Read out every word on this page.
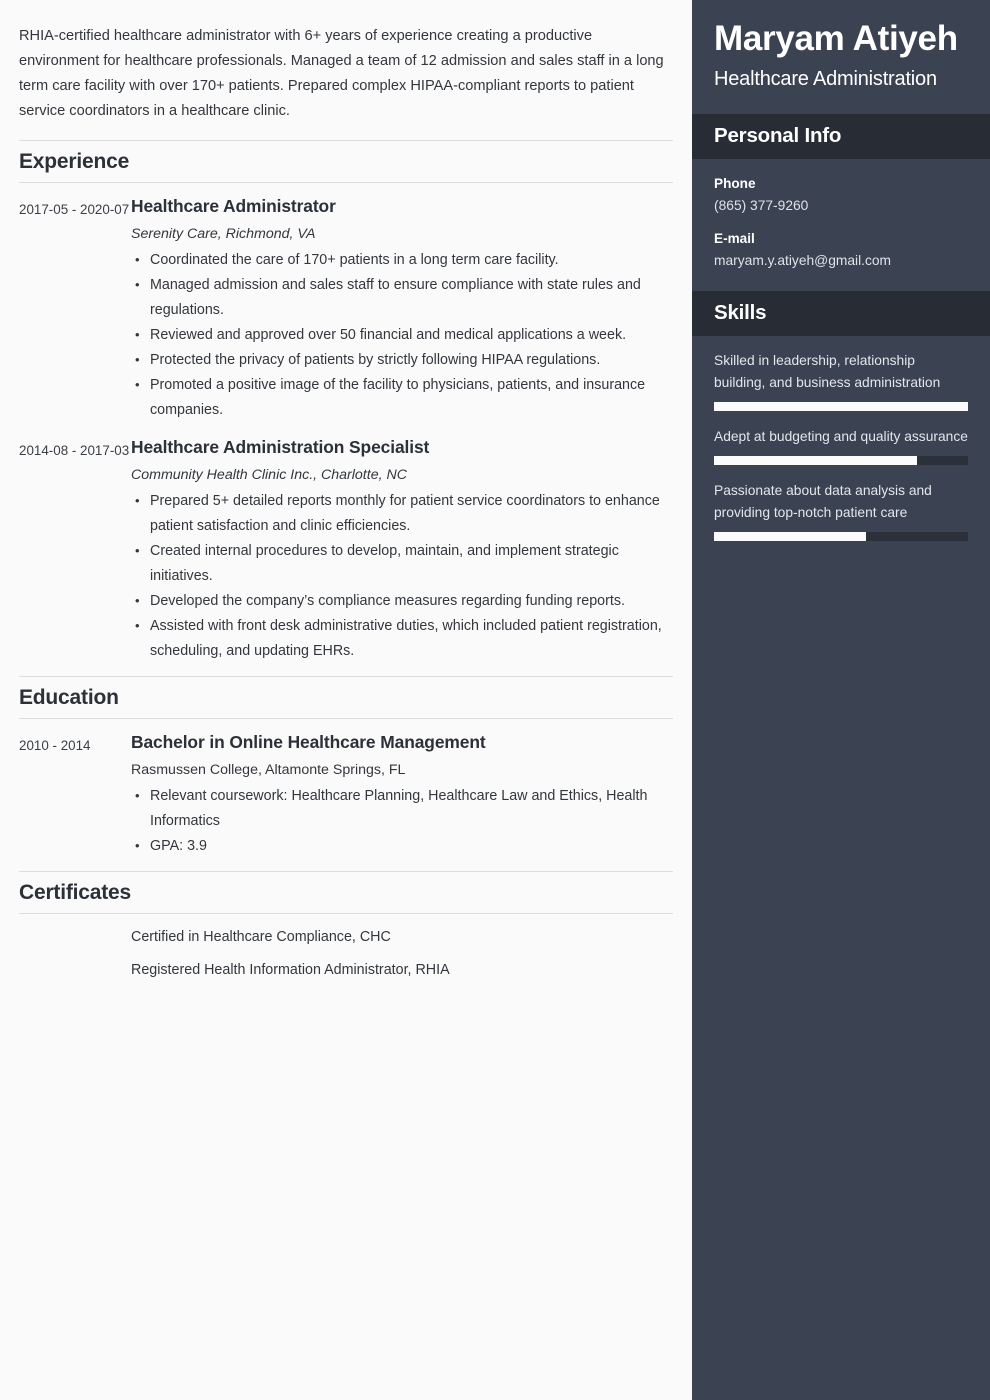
RHIA-certified healthcare administrator with 6+ years of experience creating a productive environment for healthcare professionals. Managed a team of 12 admission and sales staff in a long term care facility with over 170+ patients. Prepared complex HIPAA-compliant reports to patient service coordinators in a healthcare clinic.

Experience
2017-05 - 2020-07 Healthcare Administrator
Serenity Care, Richmond, VA
• Coordinated the care of 170+ patients in a long term care facility.
• Managed admission and sales staff to ensure compliance with state rules and regulations.
• Reviewed and approved over 50 financial and medical applications a week.
• Protected the privacy of patients by strictly following HIPAA regulations.
• Promoted a positive image of the facility to physicians, patients, and insurance companies.
2014-08 - 2017-03 Healthcare Administration Specialist
Community Health Clinic Inc., Charlotte, NC
• Prepared 5+ detailed reports monthly for patient service coordinators to enhance patient satisfaction and clinic efficiencies.
• Created internal procedures to develop, maintain, and implement strategic initiatives.
• Developed the company’s compliance measures regarding funding reports.
• Assisted with front desk administrative duties, which included patient registration, scheduling, and updating EHRs.
Education
2010 - 2014	Bachelor in Online Healthcare Management
Rasmussen College, Altamonte Springs, FL
• Relevant coursework: Healthcare Planning, Healthcare Law and Ethics, Health Informatics
• GPA: 3.9
Certificates
Certified in Healthcare Compliance, CHC
Registered Health Information Administrator, RHIA
Maryam Atiyeh
Healthcare Administration
Personal Info
Phone
(865) 377-9260
E-mail
maryam.y.atiyeh@gmail.com
Skills
Skilled in leadership, relationship building, and business administration
Adept at budgeting and quality assurance
Passionate about data analysis and providing top-notch patient care
